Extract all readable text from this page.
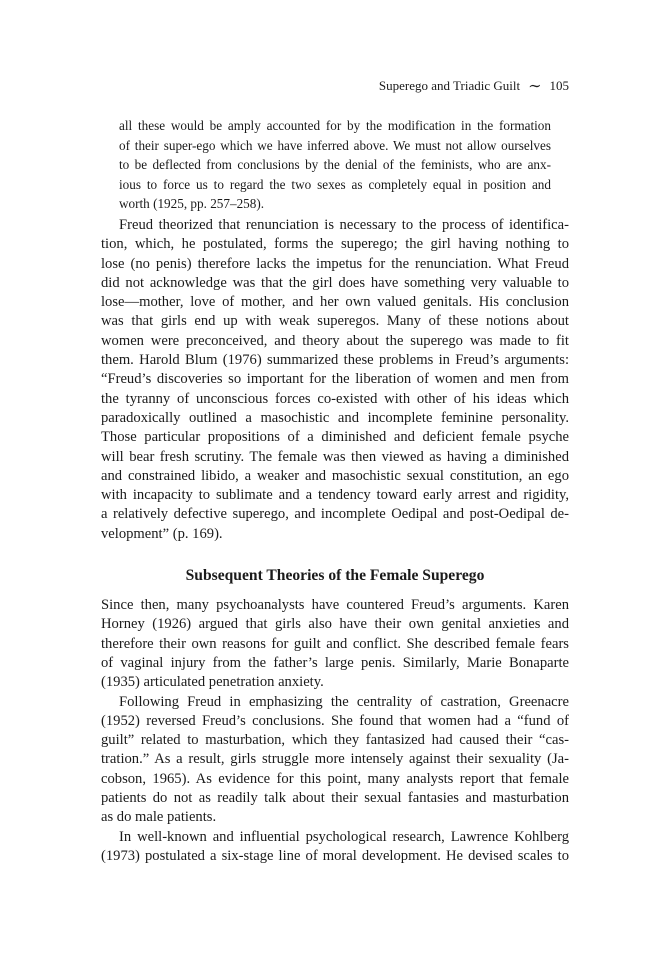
Superego and Triadic Guilt ∼ 105
all these would be amply accounted for by the modification in the formation
of their super-ego which we have inferred above. We must not allow ourselves
to be deflected from conclusions by the denial of the feminists, who are anx-
ious to force us to regard the two sexes as completely equal in position and
worth (1925, pp. 257–258).
Freud theorized that renunciation is necessary to the process of identifica-
tion, which, he postulated, forms the superego; the girl having nothing to
lose (no penis) therefore lacks the impetus for the renunciation. What Freud
did not acknowledge was that the girl does have something very valuable to
lose—mother, love of mother, and her own valued genitals. His conclusion
was that girls end up with weak superegos. Many of these notions about
women were preconceived, and theory about the superego was made to fit
them. Harold Blum (1976) summarized these problems in Freud’s arguments:
“Freud’s discoveries so important for the liberation of women and men from
the tyranny of unconscious forces co-existed with other of his ideas which
paradoxically outlined a masochistic and incomplete feminine personality.
Those particular propositions of a diminished and deficient female psyche
will bear fresh scrutiny. The female was then viewed as having a diminished
and constrained libido, a weaker and masochistic sexual constitution, an ego
with incapacity to sublimate and a tendency toward early arrest and rigidity,
a relatively defective superego, and incomplete Oedipal and post-Oedipal de-
velopment” (p. 169).
Subsequent Theories of the Female Superego
Since then, many psychoanalysts have countered Freud’s arguments. Karen
Horney (1926) argued that girls also have their own genital anxieties and
therefore their own reasons for guilt and conflict. She described female fears
of vaginal injury from the father’s large penis. Similarly, Marie Bonaparte
(1935) articulated penetration anxiety.
Following Freud in emphasizing the centrality of castration, Greenacre
(1952) reversed Freud’s conclusions. She found that women had a “fund of
guilt” related to masturbation, which they fantasized had caused their “cas-
tration.” As a result, girls struggle more intensely against their sexuality (Ja-
cobson, 1965). As evidence for this point, many analysts report that female
patients do not as readily talk about their sexual fantasies and masturbation
as do male patients.
In well-known and influential psychological research, Lawrence Kohlberg
(1973) postulated a six-stage line of moral development. He devised scales to
